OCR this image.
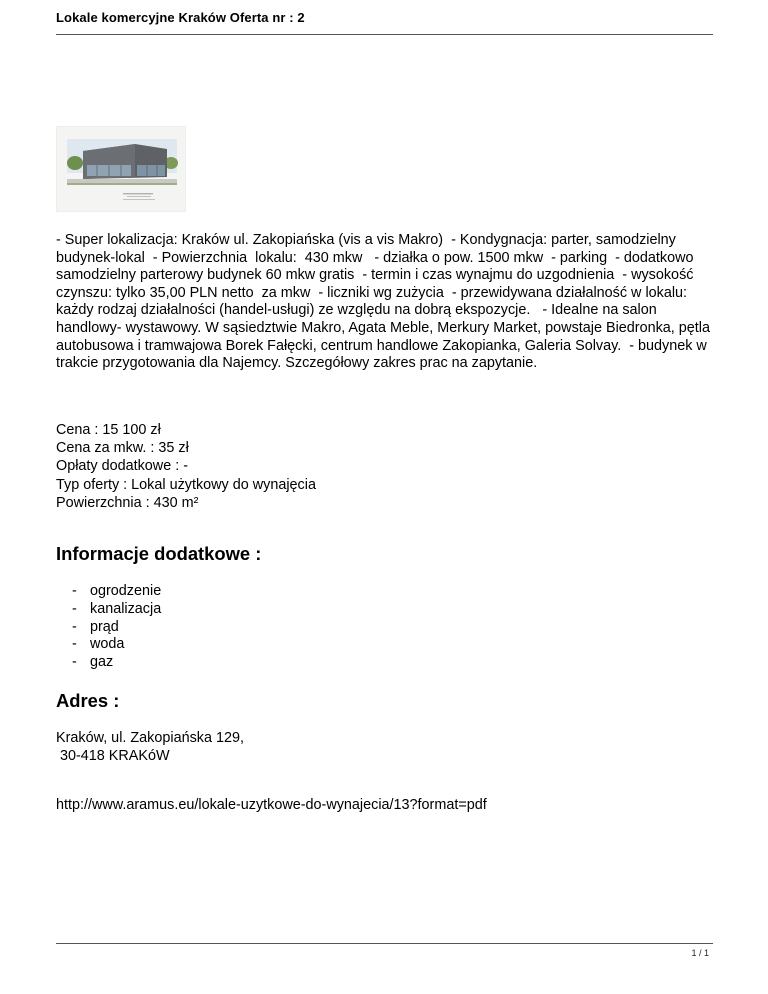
Lokale komercyjne Kraków Oferta nr : 2
- Super lokalizacja: Kraków ul. Zakopiańska (vis a vis Makro)  - Kondygnacja: parter, samodzielny budynek-lokal  - Powierzchnia  lokalu:  430 mkw   - działka o pow. 1500 mkw  - parking  - dodatkowo samodzielny parterowy budynek 60 mkw gratis  - termin i czas wynajmu do uzgodnienia  - wysokość czynszu: tylko 35,00 PLN netto  za mkw  - liczniki wg zużycia  - przewidywana działalność w lokalu: każdy rodzaj działalności (handel-usługi) ze względu na dobrą ekspozycje.   - Idealne na salon handlowy- wystawowy. W sąsiedztwie Makro, Agata Meble, Merkury Market, powstaje Biedronka, pętla autobusowa i tramwajowa Borek Fałęcki, centrum handlowe Zakopianka, Galeria Solvay.  - budynek w trakcie przygotowania dla Najemcy. Szczegółowy zakres prac na zapytanie.
Cena : 15 100 zł
Cena za mkw. : 35 zł
Opłaty dodatkowe : -
Typ oferty : Lokal użytkowy do wynajęcia
Powierzchnia : 430 m²
Informacje dodatkowe :
- ogrodzenie
- kanalizacja
- prąd
- woda
- gaz
Adres :
Kraków, ul. Zakopiańska 129,
30-418 KRAKóW
http://www.aramus.eu/lokale-uzytkowe-do-wynajecia/13?format=pdf
1 / 1
